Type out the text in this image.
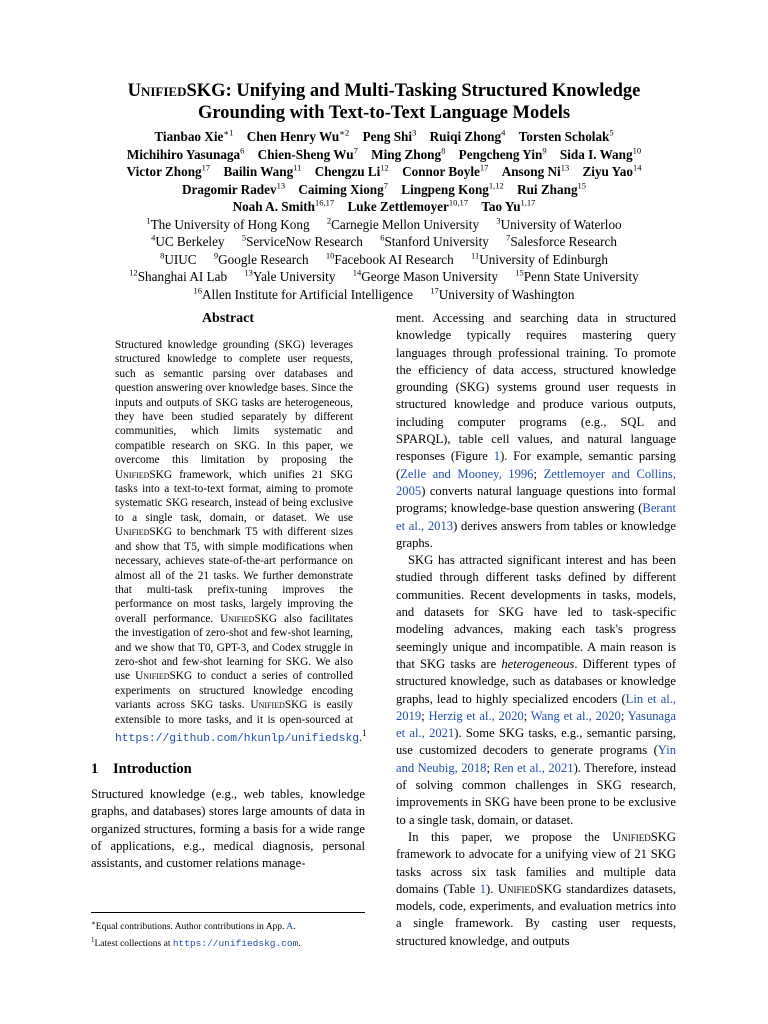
UnifiedSKG: Unifying and Multi-Tasking Structured Knowledge
Grounding with Text-to-Text Language Models
Tianbao Xie$^{∗1}$ Chen Henry $Wu^{∗2}$ Peng Shi$^3$ Ruiqi Zhong$^4$ Torsten Scholak$^5$
Michihiro Yasunaga$^6$ Chien-Sheng Wu$^7$ Ming Zhong$^8$ Pengcheng Yin$^9$ Sida I. Wang$^{10}$
Victor Zhong$^{17}$ Bailin Wang$^{11}$ Chengzu Li$^{12}$ Connor Boyle$^{17}$ Ansong Ni$^{13}$ Ziyu Yao$^{14}$
Dragomir Radev$^{13}$ Caiming Xiong$^7$ Lingpeng Kong$^{1,12}$ Rui Zhang$^{15}$
Noah A. Smith$^{16,17}$ Luke Zettlemoyer$^{10,17}$ Tao Yu$^{1,17}$
$^1$The University of Hong Kong $^2$Carnegie Mellon University $^3$University of Waterloo
$^4$UC Berkeley $^5$ServiceNow Research $^6$Stanford University $^7$Salesforce Research
$^8$UIUC $^9$Google Research $^{10}$Facebook AI Research $^{11}$University of Edinburgh
$^{12}$Shanghai AI Lab $^{13}$Yale University $^{14}$George Mason University $^{15}$Penn State University
$^{16}$Allen Institute for Artificial Intelligence $^{17}$University of Washington
Abstract
Structured knowledge grounding (SKG) leverages structured knowledge to complete user requests, such as semantic parsing over databases and question answering over knowledge bases. Since the inputs and outputs of SKG tasks are heterogeneous, they have been studied separately by different communities, which limits systematic and compatible research on SKG. In this paper, we overcome this limitation by proposing the UnifiedSKG framework, which unifies 21 SKG tasks into a text-to-text format, aiming to promote systematic SKG research, instead of being exclusive to a single task, domain, or dataset. We use UnifiedSKG to benchmark T5 with different sizes and show that T5, with simple modifications when necessary, achieves state-of-the-art performance on almost all of the 21 tasks. We further demonstrate that multi-task prefix-tuning improves the performance on most tasks, largely improving the overall performance. UnifiedSKG also facilitates the investigation of zero-shot and few-shot learning, and we show that T0, GPT-3, and Codex struggle in zero-shot and few-shot learning for SKG. We also use UnifiedSKG to conduct a series of controlled experiments on structured knowledge encoding variants across SKG tasks. UnifiedSKG is easily extensible to more tasks, and it is open-sourced at https://github.com/hkunlp/unifiedskg.$^1$
1 Introduction

Structured knowledge (e.g., web tables, knowledge graphs, and databases) stores large amounts of data in organized structures, forming a basis for a wide range of applications, e.g., medical diagnosis, personal assistants, and customer relations manage-

∗Equal contributions. Author contributions in App. A.
$^1$Latest collections at https://unifiedskg.com.

ment. Accessing and searching data in structured knowledge typically requires mastering query languages through professional training. To promote the efficiency of data access, structured knowledge grounding (SKG) systems ground user requests in structured knowledge and produce various outputs, including computer programs (e.g., SQL and SPARQL), table cell values, and natural language responses (Figure 1). For example, semantic parsing (Zelle and Mooney, 1996; Zettlemoyer and Collins, 2005) converts natural language questions into formal programs; knowledge-base question answering (Berant et al., 2013) derives answers from tables or knowledge graphs.

SKG has attracted significant interest and has been studied through different tasks defined by different communities. Recent developments in tasks, models, and datasets for SKG have led to task-specific modeling advances, making each task's progress seemingly unique and incompatible. A main reason is that SKG tasks are heterogeneous. Different types of structured knowledge, such as databases or knowledge graphs, lead to highly specialized encoders (Lin et al., 2019; Herzig et al., 2020; Wang et al., 2020; Yasunaga et al., 2021). Some SKG tasks, e.g., semantic parsing, use customized decoders to generate programs (Yin and Neubig, 2018; Ren et al., 2021). Therefore, instead of solving common challenges in SKG research, improvements in SKG have been prone to be exclusive to a single task, domain, or dataset.

In this paper, we propose the UnifiedSKG framework to advocate for a unifying view of 21 SKG tasks across six task families and multiple data domains (Table 1). UnifiedSKG standardizes datasets, models, code, experiments, and evaluation metrics into a single framework. By casting user requests, structured knowledge, and outputs
